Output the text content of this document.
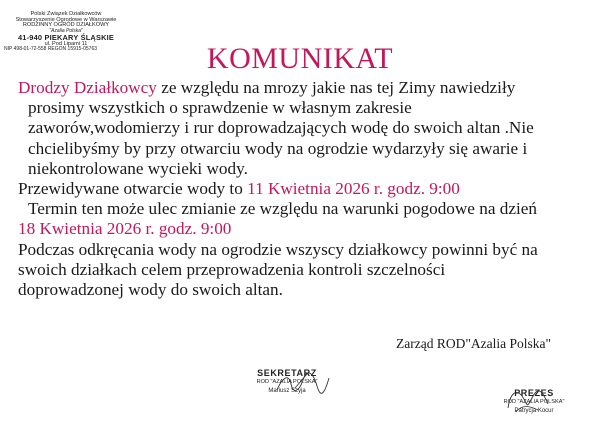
Polski Związek Działkowców
Stowarzyszenie Ogrodowe w Warszawie
RODZINNY OGRÓD DZIAŁKOWY
"Azalia Polska"
41-940 PIEKARY ŚLĄSKIE
ul. Pod Lipami 11
NIP 498-01-72-558 REGON 15915-05763	KOMUNIKAT

Drodzy Działkowcy ze względu na mrozy jakie nas tej Zimy nawiedziły

prosimy wszystkich o sprawdzenie w własnym zakresie

zaworów,wodomierzy i rur doprowadzających wodę do swoich altan .Nie

chcielibyśmy by przy otwarciu wody na ogrodzie wydarzyły się awarie i

niekontrolowane wycieki wody.

Przewidywane otwarcie wody to 11 Kwietnia 2026 r. godz. 9:00

Termin ten może ulec zmianie ze względu na warunki pogodowe na dzień

18 Kwietnia 2026 r. godz. 9:00

Podczas odkręcania wody na ogrodzie wszyscy działkowcy powinni być na

swoich działkach celem przeprowadzenia kontroli szczelności

doprowadzonej wody do swoich altan.

Zarząd ROD"Azalia Polska"
SEKRETARZ
ROD "AZALIA POLSKA"
Mariusz Szyja	PREZES
ROD "AZALIA POLSKA"
Patrycja Kocur
